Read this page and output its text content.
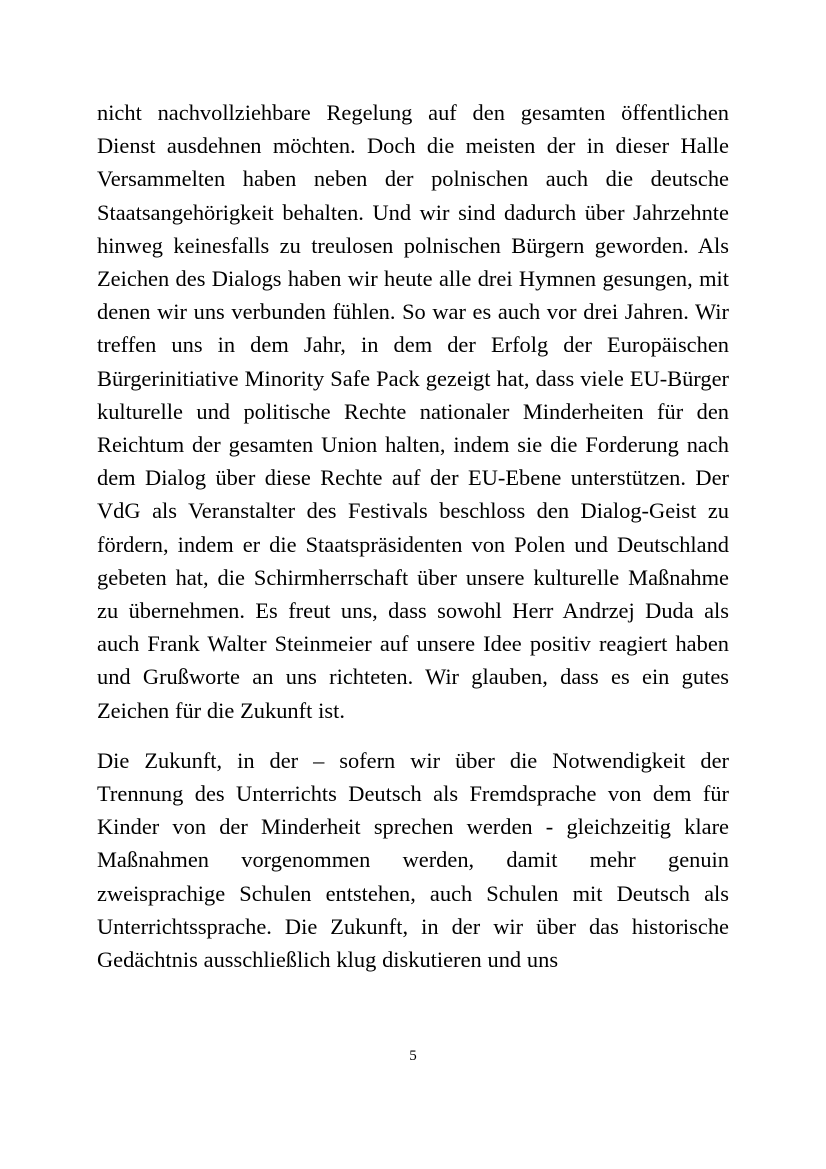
nicht nachvollziehbare Regelung auf den gesamten öffentlichen Dienst ausdehnen möchten. Doch die meisten der in dieser Halle Versammelten haben neben der polnischen auch die deutsche Staatsangehörigkeit behalten. Und wir sind dadurch über Jahrzehnte hinweg keinesfalls zu treulosen polnischen Bürgern geworden. Als Zeichen des Dialogs haben wir heute alle drei Hymnen gesungen, mit denen wir uns verbunden fühlen. So war es auch vor drei Jahren. Wir treffen uns in dem Jahr, in dem der Erfolg der Europäischen Bürgerinitiative Minority Safe Pack gezeigt hat, dass viele EU-Bürger kulturelle und politische Rechte nationaler Minderheiten für den Reichtum der gesamten Union halten, indem sie die Forderung nach dem Dialog über diese Rechte auf der EU-Ebene unterstützen. Der VdG als Veranstalter des Festivals beschloss den Dialog-Geist zu fördern, indem er die Staatspräsidenten von Polen und Deutschland gebeten hat, die Schirmherrschaft über unsere kulturelle Maßnahme zu übernehmen. Es freut uns, dass sowohl Herr Andrzej Duda als auch Frank Walter Steinmeier auf unsere Idee positiv reagiert haben und Grußworte an uns richteten. Wir glauben, dass es ein gutes Zeichen für die Zukunft ist.

Die Zukunft, in der – sofern wir über die Notwendigkeit der Trennung des Unterrichts Deutsch als Fremdsprache von dem für Kinder von der Minderheit sprechen werden - gleichzeitig klare Maßnahmen vorgenommen werden, damit mehr genuin zweisprachige Schulen entstehen, auch Schulen mit Deutsch als Unterrichtssprache. Die Zukunft, in der wir über das historische Gedächtnis ausschließlich klug diskutieren und uns

5
